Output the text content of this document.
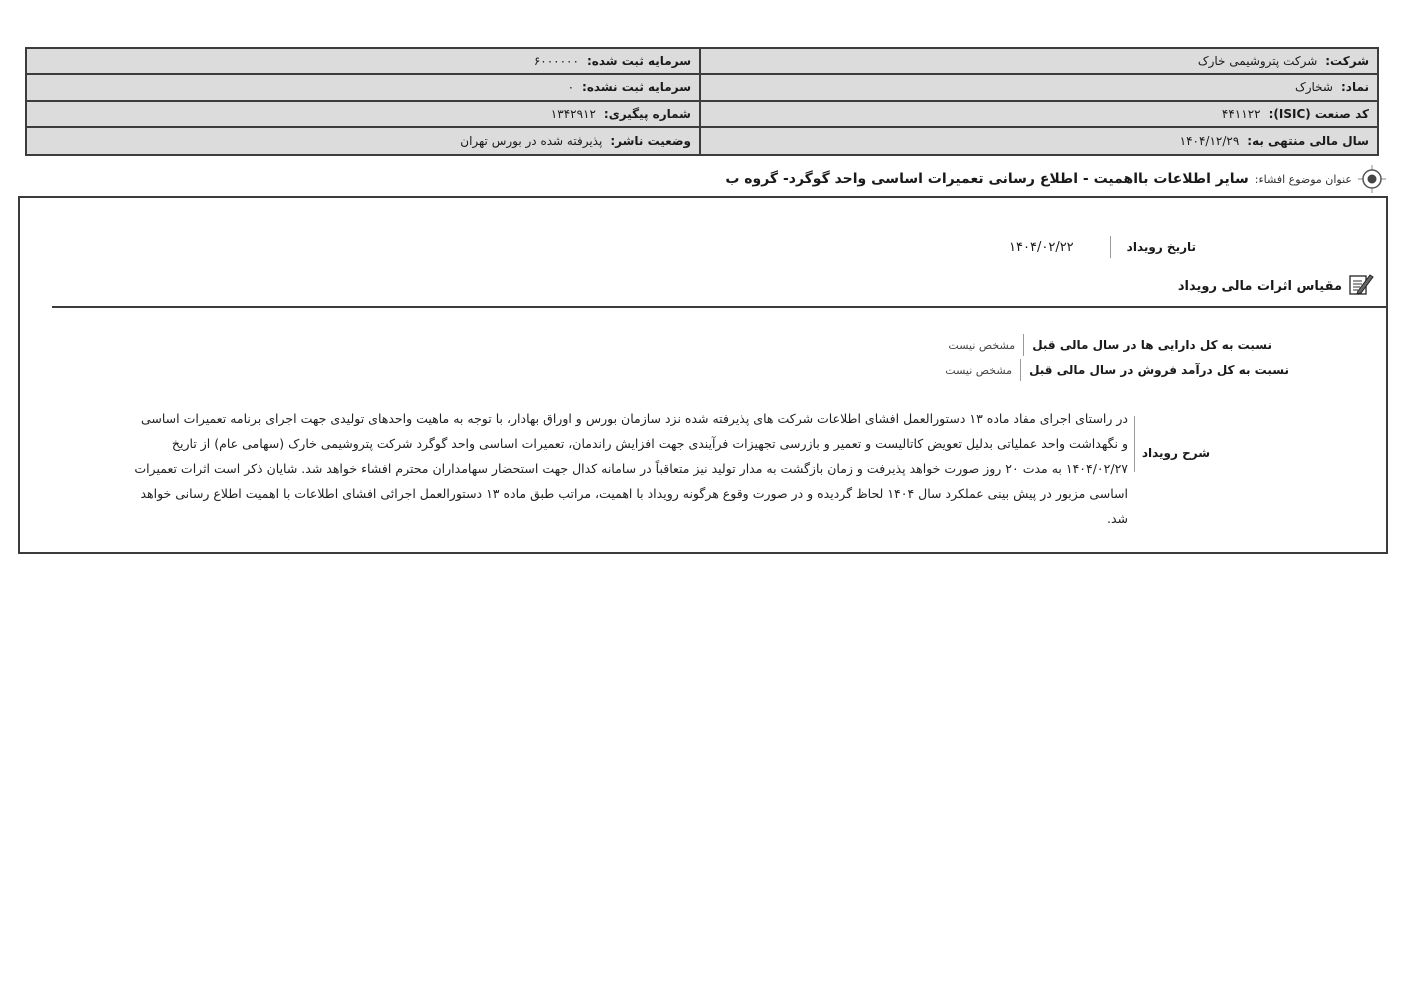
شرکت:
شرکت پتروشیمی خارک
سرمایه ثبت شده:
۶۰۰۰۰۰۰
نماد:
شخارک
سرمایه ثبت نشده:
۰
کد صنعت (ISIC):
۴۴۱۱۲۲
شماره پیگیری:
۱۳۴۲۹۱۲
سال مالی منتهی به:
۱۴۰۴/۱۲/۲۹
وضعیت ناشر:
پذیرفته شده در بورس تهران
عنوان موضوع افشاء:
سایر اطلاعات بااهمیت - اطلاع رسانی تعمیرات اساسی واحد گوگرد- گروه ب
تاریخ رویداد
۱۴۰۴/۰۲/۲۲
مقیاس اثرات مالی رویداد
نسبت به کل دارایی ها در سال مالی قبل
مشخص نیست
نسبت به کل درآمد فروش در سال مالی قبل
مشخص نیست
شرح رویداد
در راستای اجرای مفاد ماده ۱۳ دستورالعمل افشای اطلاعات شرکت های پذیرفته شده نزد سازمان بورس و اوراق بهادار، با توجه به ماهیت واحدهای تولیدی جهت اجرای برنامه تعمیرات اساسی و نگهداشت واحد عملیاتی بدلیل تعویض کاتالیست و تعمیر و بازرسی تجهیزات فرآیندی جهت افزایش راندمان، تعمیرات اساسی واحد گوگرد شرکت پتروشیمی خارک (سهامی عام) از تاریخ ۱۴۰۴/۰۲/۲۷ به مدت ۲۰ روز صورت خواهد پذیرفت و زمان بازگشت به مدار تولید نیز متعاقباً در سامانه کدال جهت استحضار سهامداران محترم افشاء خواهد شد. شایان ذکر است اثرات تعمیرات اساسی مزبور در پیش بینی عملکرد سال ۱۴۰۴ لحاظ گردیده و در صورت وقوع هرگونه رویداد با اهمیت، مراتب طبق ماده ۱۳ دستورالعمل اجرائی افشای اطلاعات با اهمیت اطلاع رسانی خواهد شد.
